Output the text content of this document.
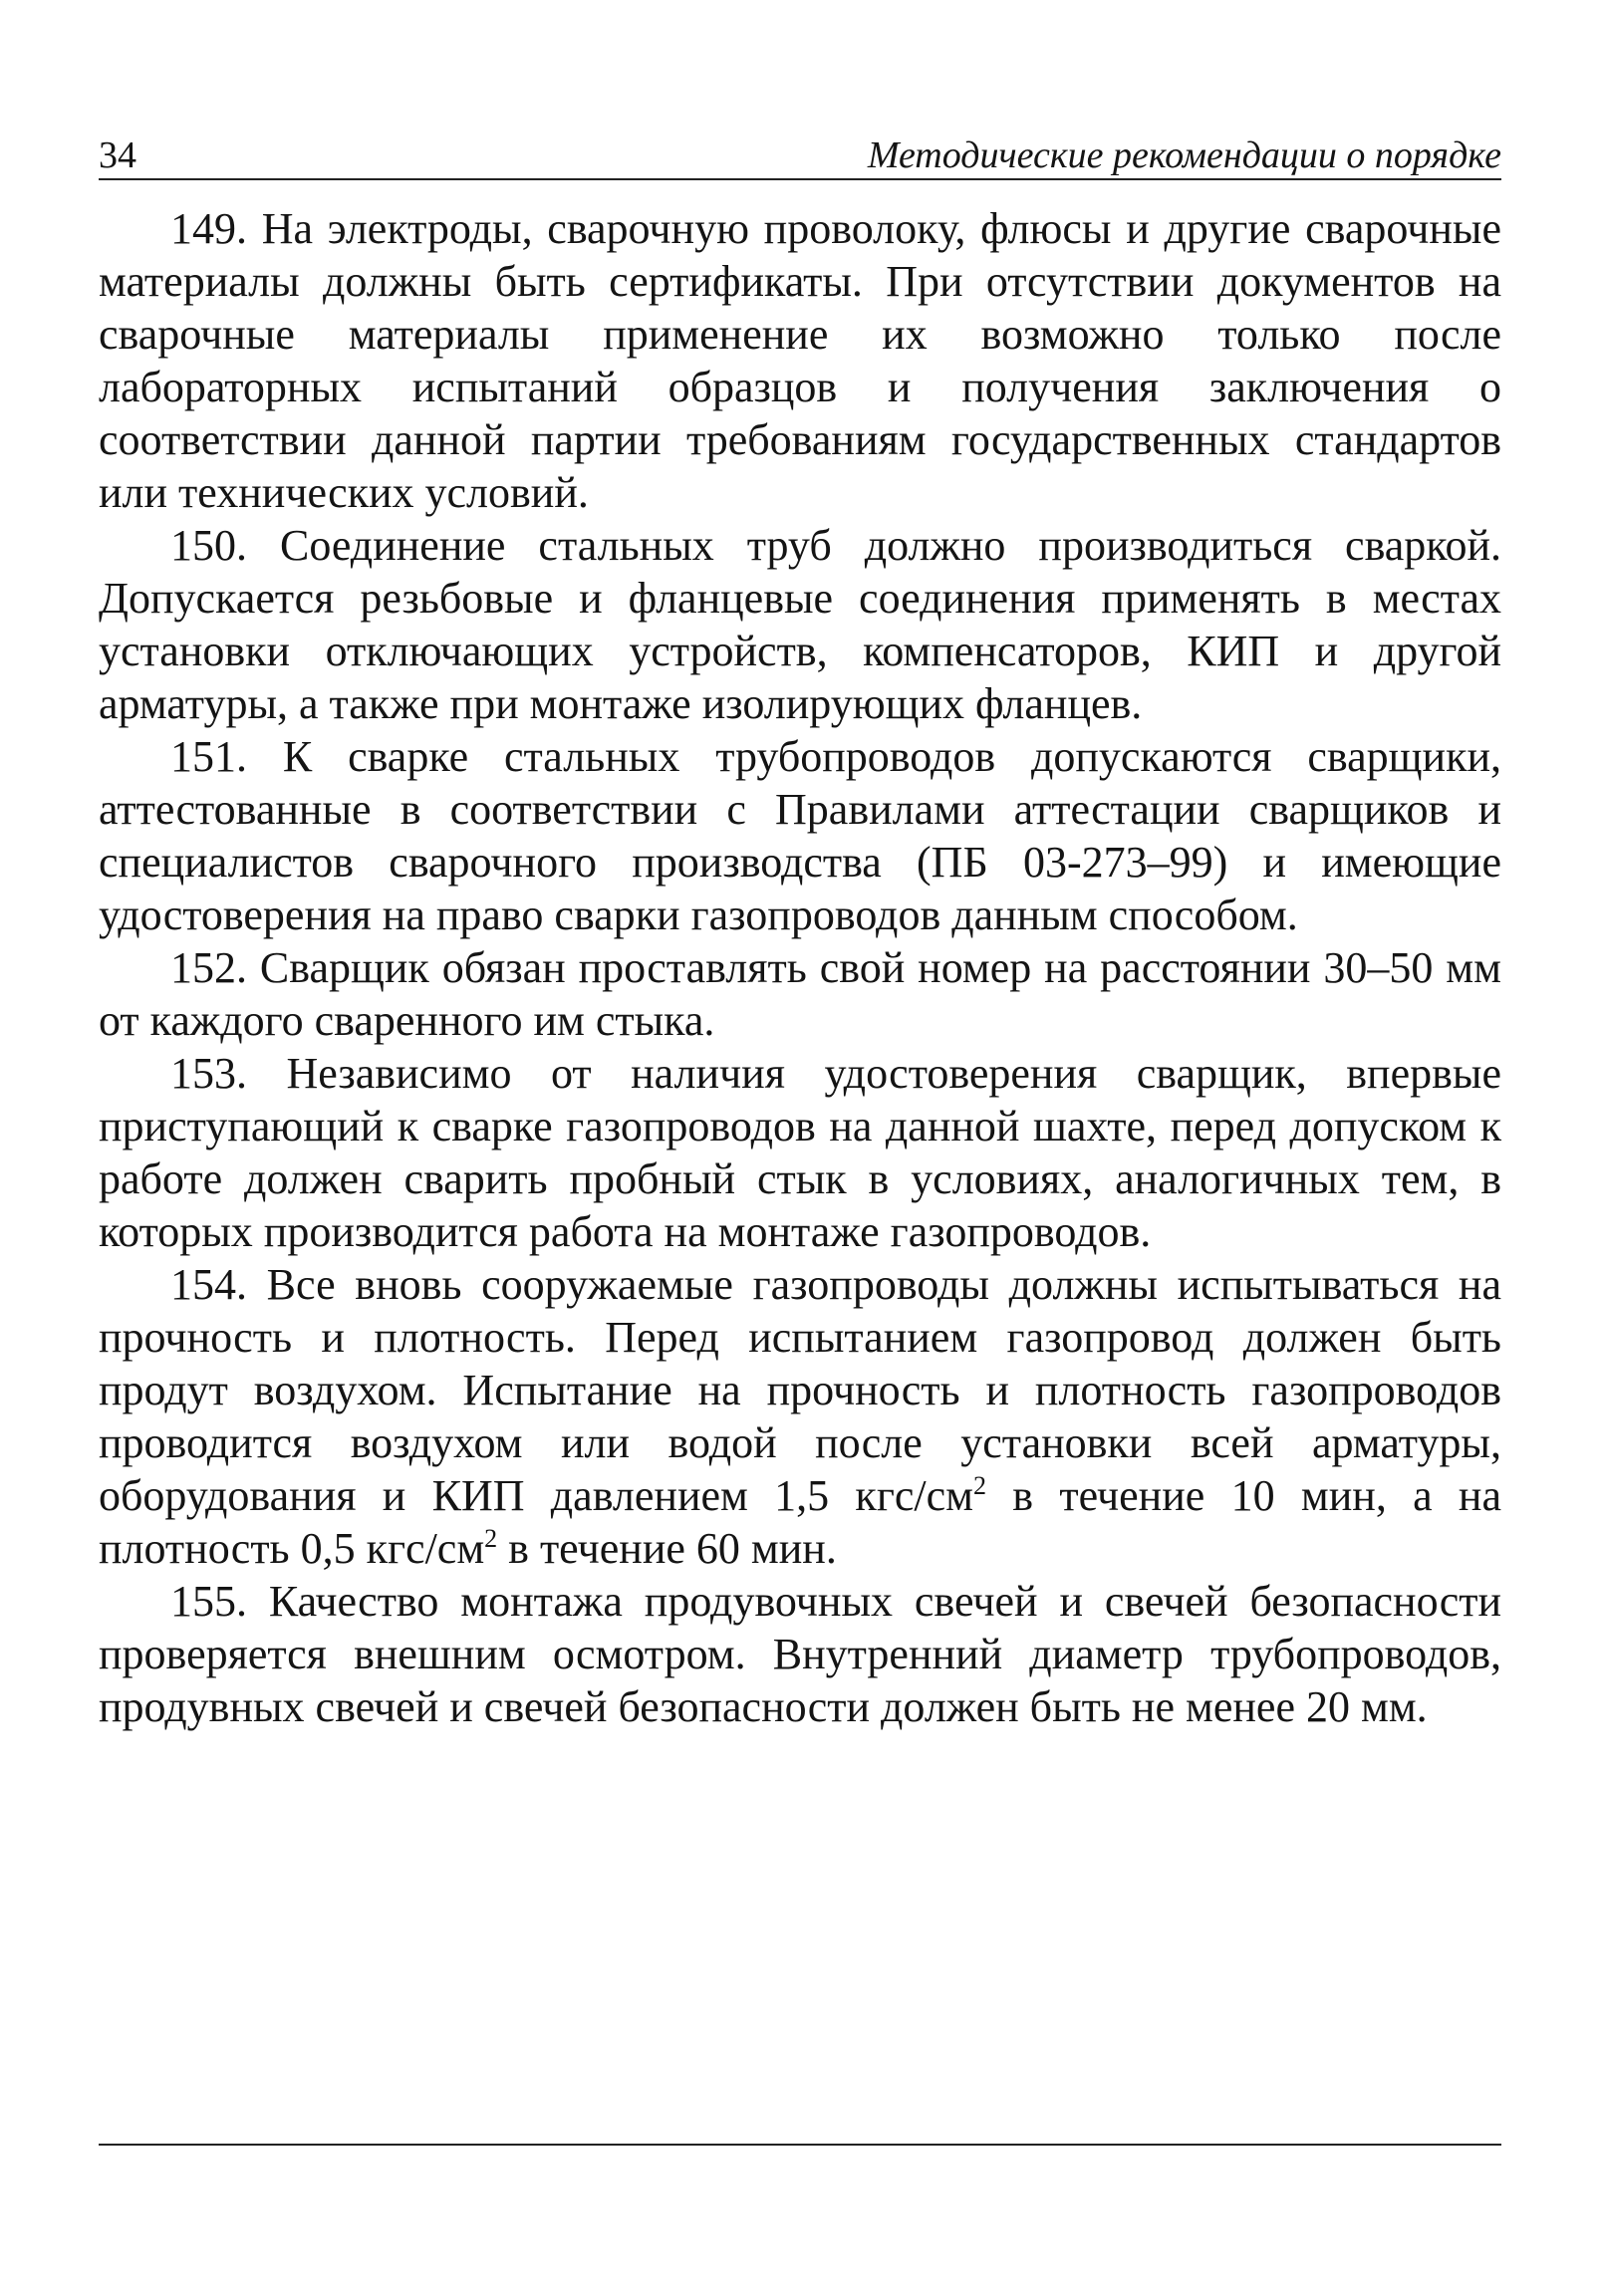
34	Методические рекомендации о порядке

149. На электроды, сварочную проволоку, флюсы и другие сварочные материалы должны быть сертификаты. При отсутствии документов на сварочные материалы применение их возможно только после лабораторных испытаний образцов и получения заключения о соответствии данной партии требованиям государственных стандартов или технических условий.

150. Соединение стальных труб должно производиться сваркой. Допускается резьбовые и фланцевые соединения применять в местах установки отключающих устройств, компенсаторов, КИП и другой арматуры, а также при монтаже изолирующих фланцев.

151. К сварке стальных трубопроводов допускаются сварщики, аттестованные в соответствии с Правилами аттестации сварщиков и специалистов сварочного производства (ПБ 03-273–99) и имеющие удостоверения на право сварки газопроводов данным способом.

152. Сварщик обязан проставлять свой номер на расстоянии 30–50 мм от каждого сваренного им стыка.

153. Независимо от наличия удостоверения сварщик, впервые приступающий к сварке газопроводов на данной шахте, перед допуском к работе должен сварить пробный стык в условиях, аналогичных тем, в которых производится работа на монтаже газопроводов.

154. Все вновь сооружаемые газопроводы должны испытываться на прочность и плотность. Перед испытанием газопровод должен быть продут воздухом. Испытание на прочность и плотность газопроводов проводится воздухом или водой после установки всей арматуры, оборудования и КИП давлением 1,5 кгс/$см^2$ в течение 10 мин, а на плотность 0,5 кгс/$см^2$ в течение 60 мин.

155. Качество монтажа продувочных свечей и свечей безопасности проверяется внешним осмотром. Внутренний диаметр трубопроводов, продувных свечей и свечей безопасности должен быть не менее 20 мм.
